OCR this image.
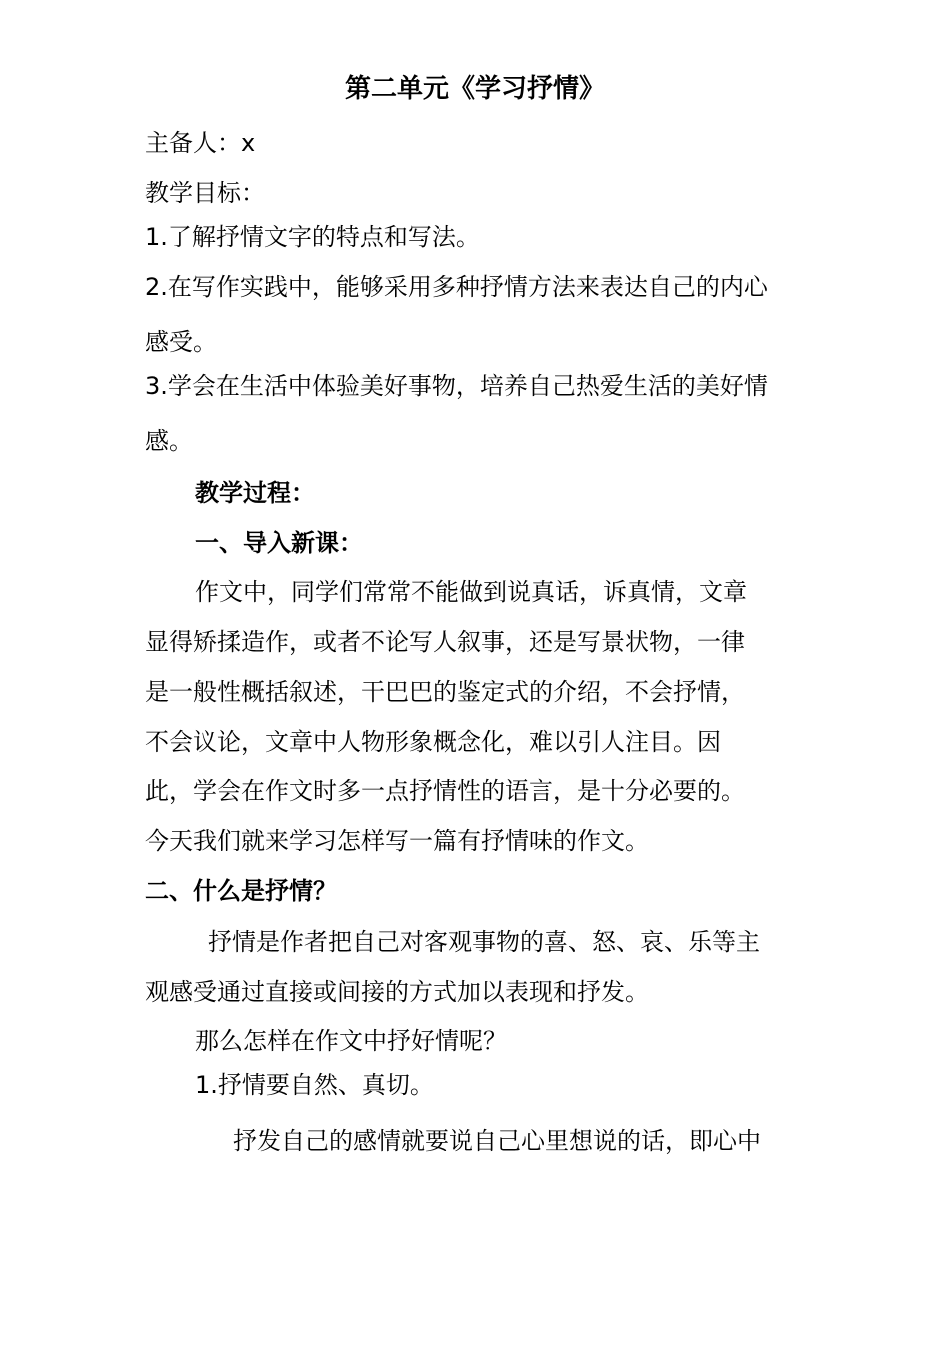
第二单元《学习抒情》
主备人：x
教学目标：
1.了解抒情文字的特点和写法。
2.在写作实践中，能够采用多种抒情方法来表达自己的内心
感受。
3.学会在生活中体验美好事物，培养自己热爱生活的美好情
感。
教学过程：
一、导入新课：
作文中，同学们常常不能做到说真话，诉真情，文章
显得矫揉造作，或者不论写人叙事，还是写景状物，一律
是一般性概括叙述，干巴巴的鉴定式的介绍，不会抒情，
不会议论，文章中人物形象概念化，难以引人注目。因
此，学会在作文时多一点抒情性的语言，是十分必要的。
今天我们就来学习怎样写一篇有抒情味的作文。
二、什么是抒情？
抒情是作者把自己对客观事物的喜、怒、哀、乐等主
观感受通过直接或间接的方式加以表现和抒发。
那么怎样在作文中抒好情呢？
1.抒情要自然、真切。
抒发自己的感情就要说自己心里想说的话，即心中
